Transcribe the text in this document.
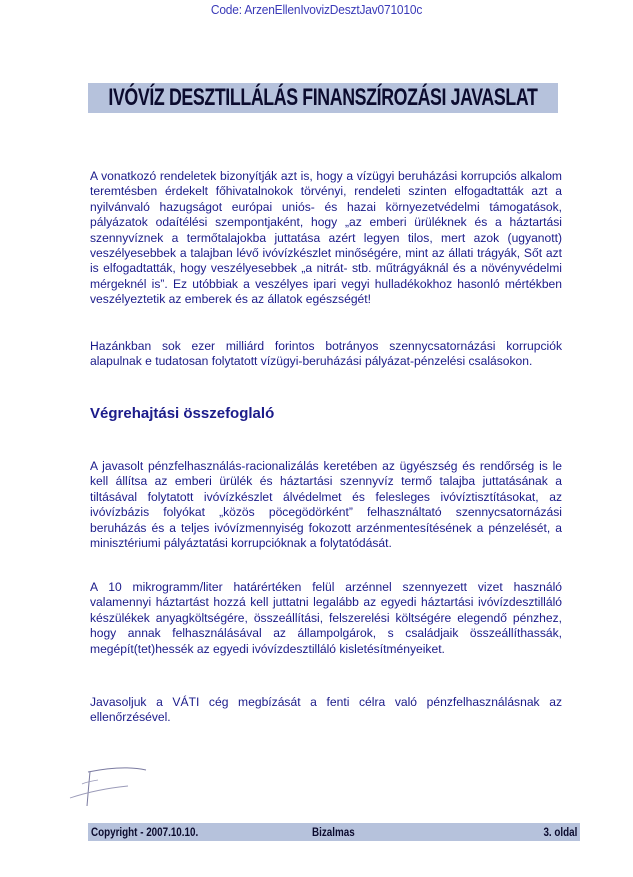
Code: ArzenEllenIvovizDesztJav071010c
IVÓVÍZ DESZTILLÁLÁS FINANSZÍROZÁSI JAVASLAT

A vonatkozó rendeletek bizonyítják azt is, hogy a vízügyi beruházási korrupciós alkalom teremtésben érdekelt főhivatalnokok törvényi, rendeleti szinten elfogadtatták azt a nyilvánvaló hazugságot európai uniós- és hazai környezetvédelmi támogatások, pályázatok odaítélési szempontjaként, hogy „az emberi ürüléknek és a háztartási szennyvíznek a termőtalajokba juttatása azért legyen tilos, mert azok (ugyanott) veszélyesebbek a talajban lévő ivóvízkészlet minőségére, mint az állati trágyák, Sőt azt is elfogadtatták, hogy veszélyesebbek „a nitrát- stb. műtrágyáknál és a növényvédelmi mérgeknél is”. Ez utóbbiak a veszélyes ipari vegyi hulladékokhoz hasonló mértékben veszélyeztetik az emberek és az állatok egészségét!

Hazánkban sok ezer milliárd forintos botrányos szennycsatornázási korrupciók alapulnak e tudatosan folytatott vízügyi-beruházási pályázat-pénzelési csalásokon.

Végrehajtási összefoglaló

A javasolt pénzfelhasználás-racionalizálás keretében az ügyészség és rendőrség is le kell állítsa az emberi ürülék és háztartási szennyvíz termő talajba juttatásának a tiltásával folytatott ivóvízkészlet álvédelmet és felesleges ivóvíztisztításokat, az ivóvízbázis folyókat „közös pöcegödörként” felhasználtató szennycsatornázási beruházás és a teljes ivóvízmennyiség fokozott arzénmentesítésének a pénzelését, a minisztériumi pályáztatási korrupcióknak a folytatódását.

A 10 mikrogramm/liter határértéken felül arzénnel szennyezett vizet használó valamennyi háztartást hozzá kell juttatni legalább az egyedi háztartási ivóvízdesztilláló készülékek anyagköltségére, összeállítási, felszerelési költségére elegendő pénzhez, hogy annak felhasználásával az állampolgárok, s családjaik összeállíthassák, megépít(tet)hessék az egyedi ivóvízdesztilláló kisletésítményeiket.

Javasoljuk a VÁTI cég megbízását a fenti célra való pénzfelhasználásnak az ellenőrzésével.

Copyright - 2007.10.10.	Bizalmas	3. oldal
